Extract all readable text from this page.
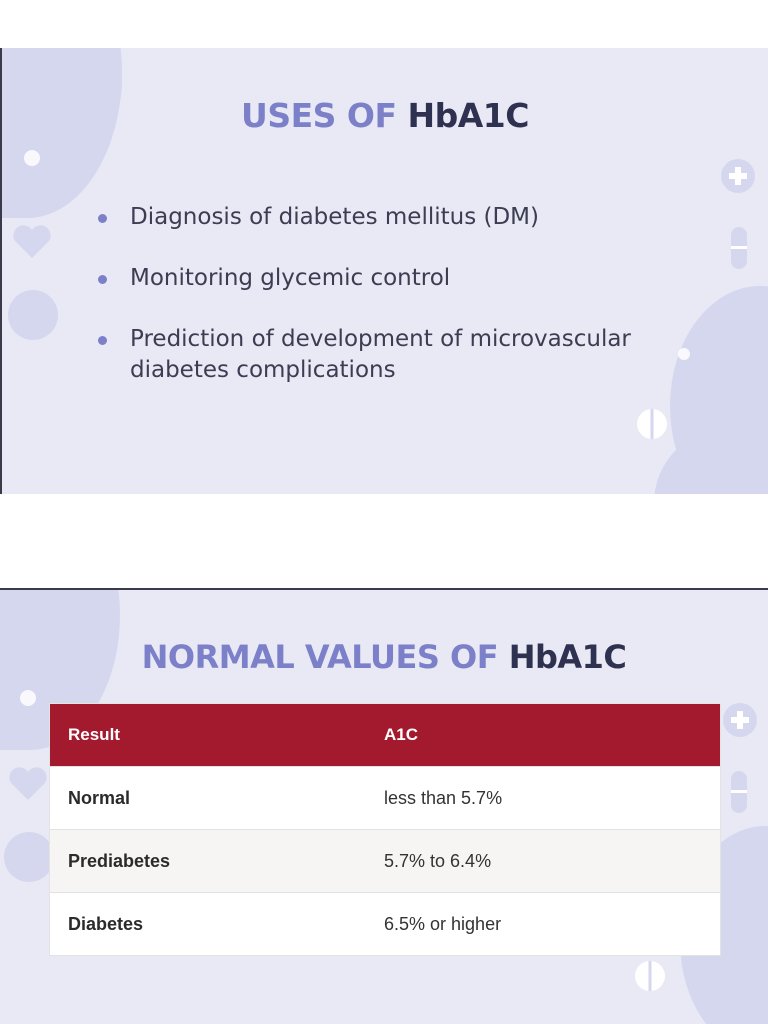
USES OF HbA1C
Diagnosis of diabetes mellitus (DM)
Monitoring glycemic control
Prediction of development of microvascular diabetes complications
NORMAL VALUES OF HbA1C
Result	A1C
Normal	less than 5.7%
Prediabetes	5.7% to 6.4%
Diabetes	6.5% or higher
